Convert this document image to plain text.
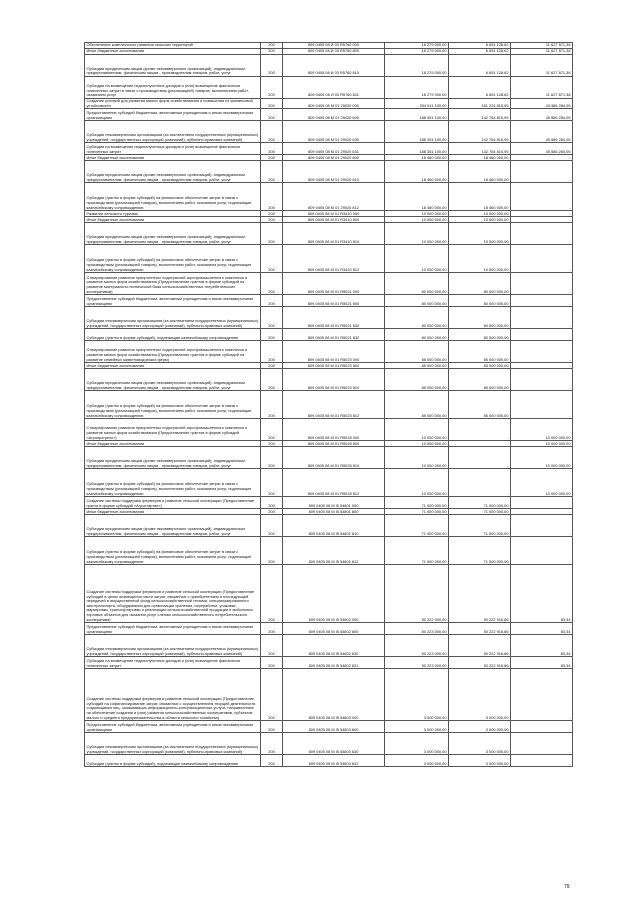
Обеспечение комплексного развития сельских территорий	200	809 0405 08 И 03 R5760 000	18 279 000,00	6 651 128,62	11 627 871,38
Иные бюджетные ассигнования	200	809 0405 08 И 03 R5760 800	18 279 000,00	6 651 128,62	11 627 871,38
Субсидии юридическим лицам (кроме некоммерческих организаций), индивидуальным предпринимателям, физическим лицам - производителям товаров, работ, услуг	200	809 0405 08 И 03 R5760 810	18 279 000,00	6 651 128,62	11 627 871,38
Субсидии на возмещение недополученных доходов и (или) возмещение фактически понесенных затрат в связи с производством (реализацией) товаров, выполнением работ, оказанием услуг	200	809 0405 08 И 03 R5760 811	18 279 000,00	6 651 128,62	11 627 871,38
Создание условий для развития малых форм хозяйствования и повышения их финансовой устойчивости	200	809 0405 08 М 01 29020 000	204 611 100,00	161 224 815,95	43 386 284,05
Предоставление субсидий бюджетным, автономным учреждениям и иным некоммерческим организациям	200	809 0405 08 М 01 29020 600	188 351 100,00	142 764 815,95	45 586 284,05
Субсидии некоммерческим организациям (за исключением государственных (муниципальных) учреждений, государственных корпораций (компаний), публично-правовых компаний)	200	809 0405 08 М 01 29020 630	188 351 100,00	142 764 815,95	45 586 284,05
Субсидии на возмещение недополученных доходов и (или) возмещение фактически понесенных затрат	200	809 0405 08 М 01 29020 631	188 351 100,00	142 764 815,95	45 586 284,05
Иные бюджетные ассигнования	200	809 0405 08 М 01 29020 800	18 460 000,00	18 460 000,00	-
Субсидии юридическим лицам (кроме некоммерческих организаций), индивидуальным предпринимателям, физическим лицам - производителям товаров, работ, услуг	200	809 0405 08 М 01 29020 810	18 460 000,00	18 460 000,00	-
Субсидии (гранты в форме субсидий) на финансовое обеспечение затрат в связи с производством (реализацией товаров), выполнением работ, оказанием услуг, подлежащие казначейскому сопровождению	200	809 0405 08 М 01 29020 812	18 460 000,00	18 460 000,00	-
Развитие сельского туризма	200	809 0405 08 М 01 R3410 000	10 000 000,00	10 000 000,00	-
Иные бюджетные ассигнования	200	809 0405 08 М 01 R3410 800	10 000 000,00	10 000 000,00	-
Субсидии юридическим лицам (кроме некоммерческих организаций), индивидуальным предпринимателям, физическим лицам - производителям товаров, работ, услуг	200	809 0405 08 М 01 R3410 810	10 000 000,00	10 000 000,00	-
Субсидии (гранты в форме субсидий) на финансовое обеспечение затрат в связи с производством (реализацией товаров), выполнением работ, оказанием услуг, подлежащие казначейскому сопровождению	200	809 0405 08 М 01 R3410 812	10 000 000,00	10 000 000,00	-
Стимулирование развития приоритетных подотраслей агропромышленного комплекса и развитие малых форм хозяйствования (Предоставление грантов в форме субсидий на развитие материально-технической базы сельскохозяйственных потребительских кооперативов)	200	809 0405 08 М 01 R5021 000	80 000 000,00	80 000 000,00	-
Предоставление субсидий бюджетным, автономным учреждениям и иным некоммерческим организациям	200	809 0405 08 М 01 R5021 600	80 000 000,00	80 000 000,00	-
Субсидии некоммерческим организациям (за исключением государственных (муниципальных) учреждений, государственных корпораций (компаний), публично-правовых компаний)	200	809 0405 08 М 01 R5021 630	80 000 000,00	80 000 000,00	-
Субсидии (гранты в форме субсидий), подлежащие казначейскому сопровождению	200	809 0405 08 М 01 R5021 632	80 000 000,00	80 000 000,00	-
Стимулирование развития приоритетных подотраслей агропромышленного комплекса и развитие малых форм хозяйствования (Предоставление грантов в форме субсидий на развитие семейных животноводческих ферм)	200	809 0405 08 М 01 R5023 000	85 000 000,00	85 000 000,00	-
Иные бюджетные ассигнования	200	809 0405 08 М 01 R5023 800	85 000 000,00	85 000 000,00	-
Субсидии юридическим лицам (кроме некоммерческих организаций), индивидуальным предпринимателям, физическим лицам - производителям товаров, работ, услуг	200	809 0405 08 М 01 R5023 810	85 000 000,00	85 000 000,00	-
Субсидии (гранты в форме субсидий) на финансовое обеспечение затрат в связи с производством (реализацией товаров), выполнением работ, оказанием услуг, подлежащие казначейскому сопровождению	200	809 0405 08 М 01 R5023 812	85 000 000,00	85 000 000,00	-
Стимулирование развития приоритетных подотраслей агропромышленного комплекса и развитие малых форм хозяйствования (Предоставление грантов в форме субсидий «Агропрогресс»)	200	809 0405 08 М 01 R5028 000	10 000 000,00	-	10 000 000,00
Иные бюджетные ассигнования	200	809 0405 08 М 01 R5028 800	10 000 000,00	-	10 000 000,00
Субсидии юридическим лицам (кроме некоммерческих организаций), индивидуальным предпринимателям, физическим лицам - производителям товаров, работ, услуг	200	809 0405 08 М 01 R5028 810	10 000 000,00	-	10 000 000,00
Субсидии (гранты в форме субсидий) на финансовое обеспечение затрат в связи с производством (реализацией товаров), выполнением работ, оказанием услуг, подлежащие казначейскому сопровождению	200	809 0405 08 М 01 R5028 812	10 000 000,00	-	10 000 000,00
Создание системы поддержки фермеров и развитие сельской кооперации (Предоставление гранта в форме субсидий «Агростартап»)	200	809 0405 08 М I5 54801 000	71 000 000,00	71 000 000,00	-
Иные бюджетные ассигнования	200	809 0405 08 М I5 54801 800	71 000 000,00	71 000 000,00	-
Субсидии юридическим лицам (кроме некоммерческих организаций), индивидуальным предпринимателям, физическим лицам - производителям товаров, работ, услуг	200	809 0405 08 М I5 54801 810	71 000 000,00	71 000 000,00	-
Субсидии (гранты в форме субсидий) на финансовое обеспечение затрат в связи с производством (реализацией товаров), выполнением работ, оказанием услуг, подлежащие казначейскому сопровождению	200	809 0405 08 М I5 54801 812	71 000 000,00	71 000 000,00	-
Создание системы поддержки фермеров и развитие сельской кооперации (Предоставление субсидий в целях возмещения части затрат, связанных с приобретением и последующей передачей в имущественный фонд сельскохозяйственной техники, специализированного автотранспорта, оборудования для организации хранения, переработки, упаковки, маркировки, транспортировки и реализации сельскохозяйственной продукции и мобильных торговых объектов для оказания услуг членам сельскохозяйственного потребительского кооператива)	200	809 0405 08 М I5 54802 000	50 222 000,00	50 222 916,66	83,34
Предоставление субсидий бюджетным, автономным учреждениям и иным некоммерческим организациям	200	809 0405 08 М I5 54802 600	50 223 000,00	50 222 916,66	83,34
Субсидии некоммерческим организациям (за исключением государственных (муниципальных) учреждений, государственных корпораций (компаний), публично-правовых компаний)	200	809 0405 08 М I5 54802 630	50 223 000,00	50 222 916,66	83,34
Субсидии на возмещение недополученных доходов и (или) возмещение фактически понесенных затрат	200	809 0405 08 М I5 54802 631	50 223 000,00	50 222 916,66	83,34
Создание системы поддержки фермеров и развитие сельской кооперации (Предоставление субсидий на софинансирование затрат, связанных с осуществлением текущей деятельности, создающимся лиц, оказывающих информационно-консультационные услуги, направленные на обеспечение создания и (или) развития сельскохозяйственных кооперативов, субъектов малого и среднего предпринимательства в области сельского хозяйства)	200	809 0405 08 М I5 54803 000	3 000 000,00	3 000 000,00	-
Предоставление субсидий бюджетным, автономным учреждениям и иным некоммерческим организациям	200	809 0405 08 М I5 54803 600	3 000 000,00	3 000 000,00	-
Субсидии некоммерческим организациям (за исключением государственных (муниципальных) учреждений, государственных корпораций (компаний), публично-правовых компаний)	200	809 0405 08 М I5 54803 630	3 000 000,00	3 000 000,00	-
Субсидии (гранты в форме субсидий), подлежащие казначейскому сопровождению	200	809 0405 08 М I5 54803 632	3 000 000,00	3 000 000,00	-
79
